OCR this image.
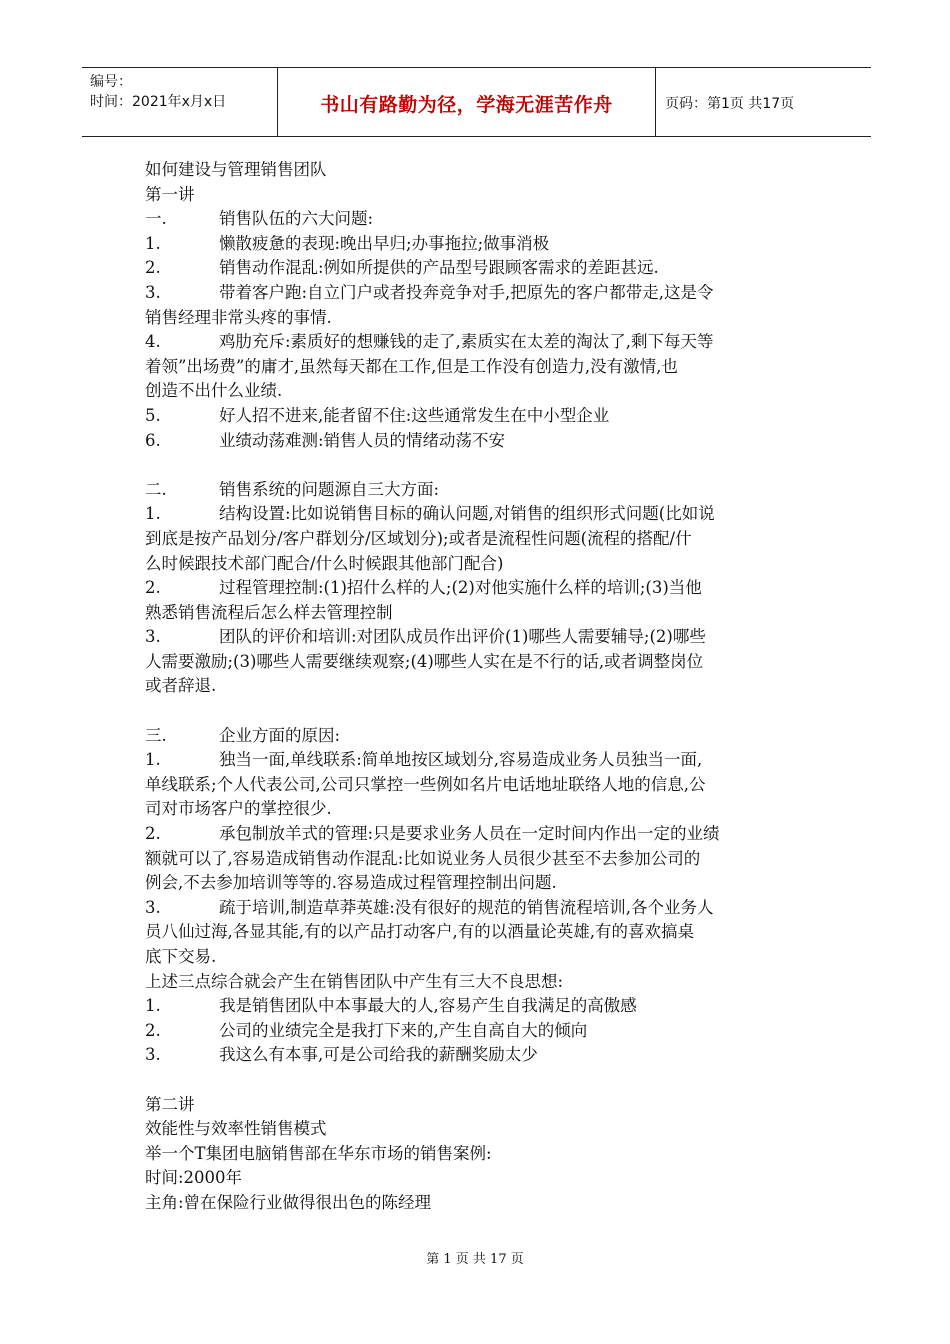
编号：
时间：2021年x月x日	书山有路勤为径，学海无涯苦作舟	页码：第1页 共17页
如何建设与管理销售团队
第一讲
一.	销售队伍的六大问题:
1.	懒散疲惫的表现:晚出早归;办事拖拉;做事消极
2.	销售动作混乱:例如所提供的产品型号跟顾客需求的差距甚远.
3.	带着客户跑:自立门户或者投奔竞争对手,把原先的客户都带走,这是令
销售经理非常头疼的事情.
4.	鸡肋充斥:素质好的想赚钱的走了,素质实在太差的淘汰了,剩下每天等
着领”出场费”的庸才,虽然每天都在工作,但是工作没有创造力,没有激情,也
创造不出什么业绩.
5.	好人招不进来,能者留不住:这些通常发生在中小型企业
6.	业绩动荡难测:销售人员的情绪动荡不安
二.	销售系统的问题源自三大方面:
1.	结构设置:比如说销售目标的确认问题,对销售的组织形式问题(比如说
到底是按产品划分/客户群划分/区域划分);或者是流程性问题(流程的搭配/什
么时候跟技术部门配合/什么时候跟其他部门配合)
2.	过程管理控制:(1)招什么样的人;(2)对他实施什么样的培训;(3)当他
熟悉销售流程后怎么样去管理控制
3.	团队的评价和培训:对团队成员作出评价(1)哪些人需要辅导;(2)哪些
人需要激励;(3)哪些人需要继续观察;(4)哪些人实在是不行的话,或者调整岗位
或者辞退.
三.	企业方面的原因:
1.	独当一面,单线联系:简单地按区域划分,容易造成业务人员独当一面,
单线联系;个人代表公司,公司只掌控一些例如名片电话地址联络人地的信息,公
司对市场客户的掌控很少.
2.	承包制放羊式的管理:只是要求业务人员在一定时间内作出一定的业绩
额就可以了,容易造成销售动作混乱:比如说业务人员很少甚至不去参加公司的
例会,不去参加培训等等的.容易造成过程管理控制出问题.
3.	疏于培训,制造草莽英雄:没有很好的规范的销售流程培训,各个业务人
员八仙过海,各显其能,有的以产品打动客户,有的以酒量论英雄,有的喜欢搞桌
底下交易.
上述三点综合就会产生在销售团队中产生有三大不良思想:
1.	我是销售团队中本事最大的人,容易产生自我满足的高傲感
2.	公司的业绩完全是我打下来的,产生自高自大的倾向
3.	我这么有本事,可是公司给我的薪酬奖励太少
第二讲
效能性与效率性销售模式
举一个T集团电脑销售部在华东市场的销售案例:
时间:2000年
主角:曾在保险行业做得很出色的陈经理
第 1 页 共 17 页
